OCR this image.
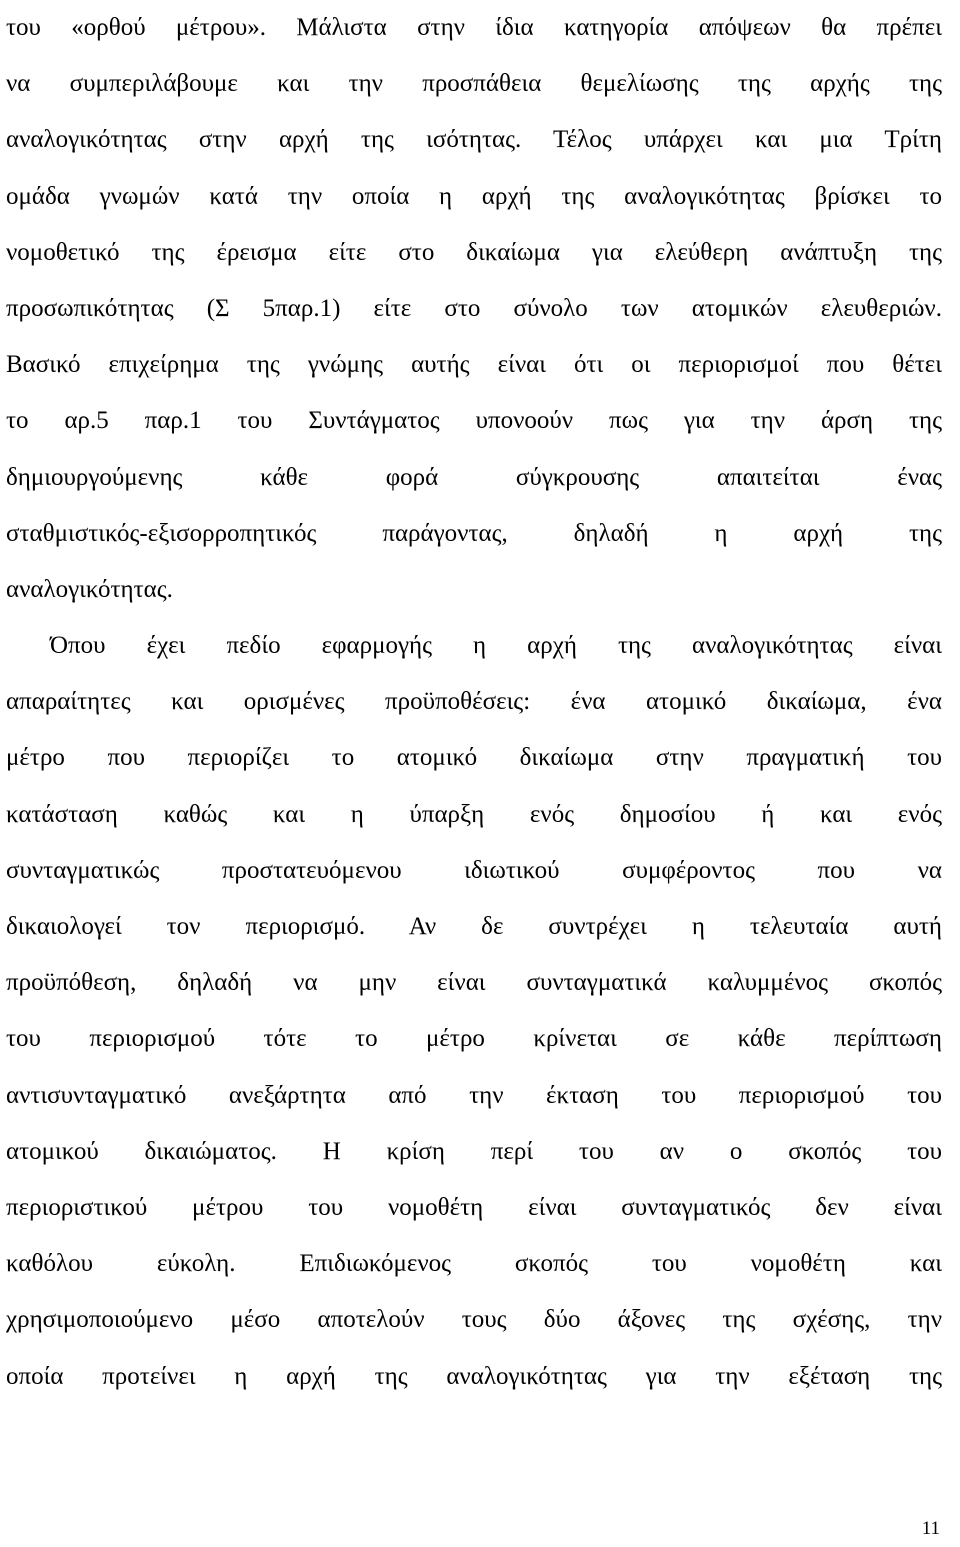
του «ορθού μέτρου». Μάλιστα στην ίδια κατηγορία απόψεων θα πρέπει
να συμπεριλάβουμε και την προσπάθεια θεμελίωσης της αρχής της
αναλογικότητας στην αρχή της ισότητας. Τέλος υπάρχει και μια Τρίτη
ομάδα γνωμών κατά την οποία η αρχή της αναλογικότητας βρίσκει το
νομοθετικό της έρεισμα είτε στο δικαίωμα για ελεύθερη ανάπτυξη της
προσωπικότητας (Σ 5παρ.1) είτε στο σύνολο των ατομικών ελευθεριών.
Βασικό επιχείρημα της γνώμης αυτής είναι ότι οι περιορισμοί που θέτει
το αρ.5 παρ.1 του Συντάγματος υπονοούν πως για την άρση της
δημιουργούμενης κάθε φορά σύγκρουσης απαιτείται ένας
σταθμιστικός-εξισορροπητικός παράγοντας, δηλαδή η αρχή της
αναλογικότητας.
Όπου έχει πεδίο εφαρμογής η αρχή της αναλογικότητας είναι
απαραίτητες και ορισμένες προϋποθέσεις: ένα ατομικό δικαίωμα, ένα
μέτρο που περιορίζει το ατομικό δικαίωμα στην πραγματική του
κατάσταση καθώς και η ύπαρξη ενός δημοσίου ή και ενός
συνταγματικώς προστατευόμενου ιδιωτικού συμφέροντος που να
δικαιολογεί τον περιορισμό. Αν δε συντρέχει η τελευταία αυτή
προϋπόθεση, δηλαδή να μην είναι συνταγματικά καλυμμένος σκοπός
του περιορισμού τότε το μέτρο κρίνεται σε κάθε περίπτωση
αντισυνταγματικό ανεξάρτητα από την έκταση του περιορισμού του
ατομικού δικαιώματος. Η κρίση περί του αν ο σκοπός του
περιοριστικού μέτρου του νομοθέτη είναι συνταγματικός δεν είναι
καθόλου εύκολη. Επιδιωκόμενος σκοπός του νομοθέτη και
χρησιμοποιούμενο μέσο αποτελούν τους δύο άξονες της σχέσης, την
οποία προτείνει η αρχή της αναλογικότητας για την εξέταση της
11
